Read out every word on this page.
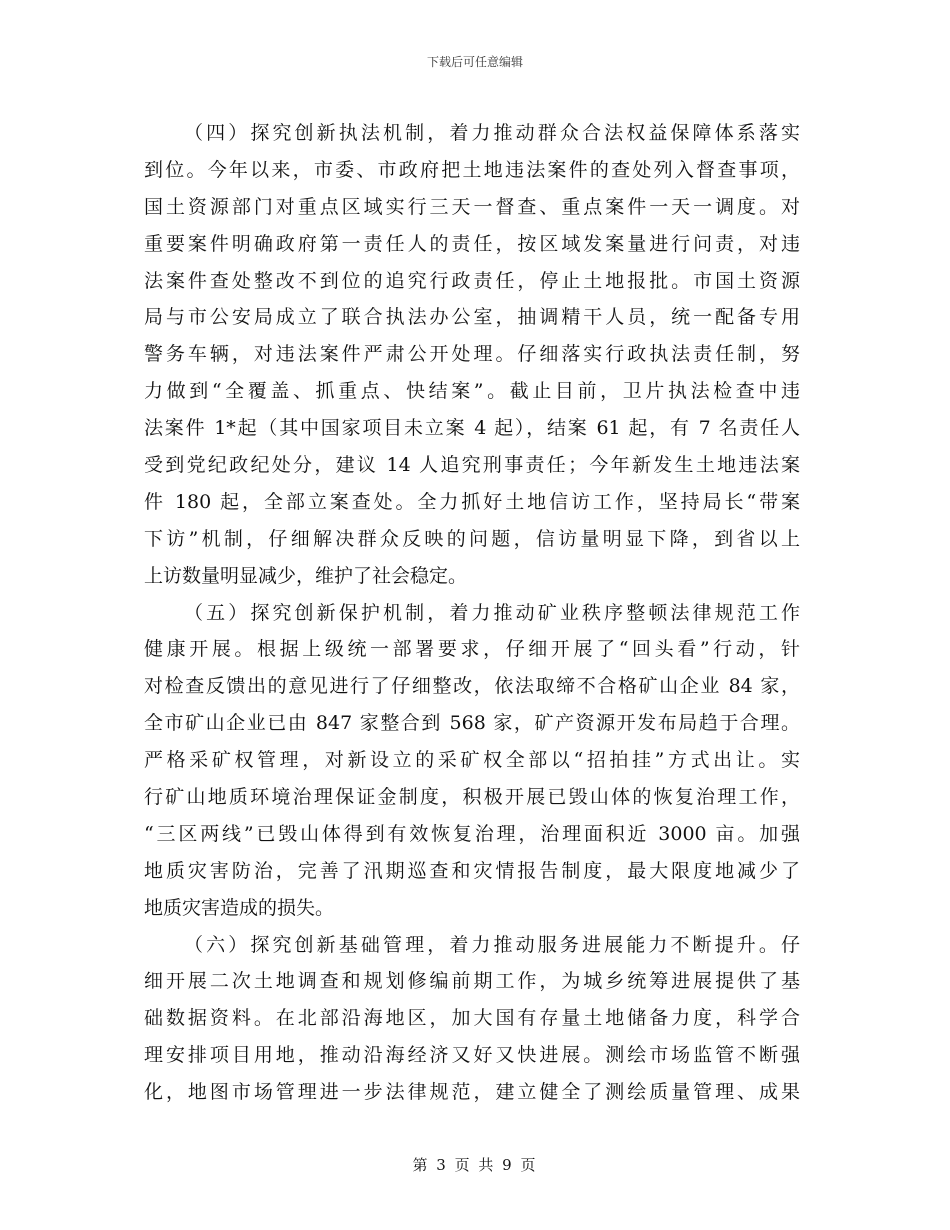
下载后可任意编辑
（四）探究创新执法机制，着力推动群众合法权益保障体系落实
到位。今年以来，市委、市政府把土地违法案件的查处列入督查事项，
国土资源部门对重点区域实行三天一督查、重点案件一天一调度。对
重要案件明确政府第一责任人的责任，按区域发案量进行问责，对违
法案件查处整改不到位的追究行政责任，停止土地报批。市国土资源
局与市公安局成立了联合执法办公室，抽调精干人员，统一配备专用
警务车辆，对违法案件严肃公开处理。仔细落实行政执法责任制，努
力做到“全覆盖、抓重点、快结案”。截止目前，卫片执法检查中违
法案件 1*起（其中国家项目未立案 4 起），结案 61 起，有 7 名责任人
受到党纪政纪处分，建议 14 人追究刑事责任；今年新发生土地违法案
件 180 起，全部立案查处。全力抓好土地信访工作，坚持局长“带案
下访”机制，仔细解决群众反映的问题，信访量明显下降，到省以上
上访数量明显减少，维护了社会稳定。
（五）探究创新保护机制，着力推动矿业秩序整顿法律规范工作
健康开展。根据上级统一部署要求，仔细开展了“回头看”行动，针
对检查反馈出的意见进行了仔细整改，依法取缔不合格矿山企业 84 家，
全市矿山企业已由 847 家整合到 568 家，矿产资源开发布局趋于合理。
严格采矿权管理，对新设立的采矿权全部以“招拍挂”方式出让。实
行矿山地质环境治理保证金制度，积极开展已毁山体的恢复治理工作，
“三区两线”已毁山体得到有效恢复治理，治理面积近 3000 亩。加强
地质灾害防治，完善了汛期巡查和灾情报告制度，最大限度地减少了
地质灾害造成的损失。
（六）探究创新基础管理，着力推动服务进展能力不断提升。仔
细开展二次土地调查和规划修编前期工作，为城乡统筹进展提供了基
础数据资料。在北部沿海地区，加大国有存量土地储备力度，科学合
理安排项目用地，推动沿海经济又好又快进展。测绘市场监管不断强
化，地图市场管理进一步法律规范，建立健全了测绘质量管理、成果
第 3 页 共 9 页
